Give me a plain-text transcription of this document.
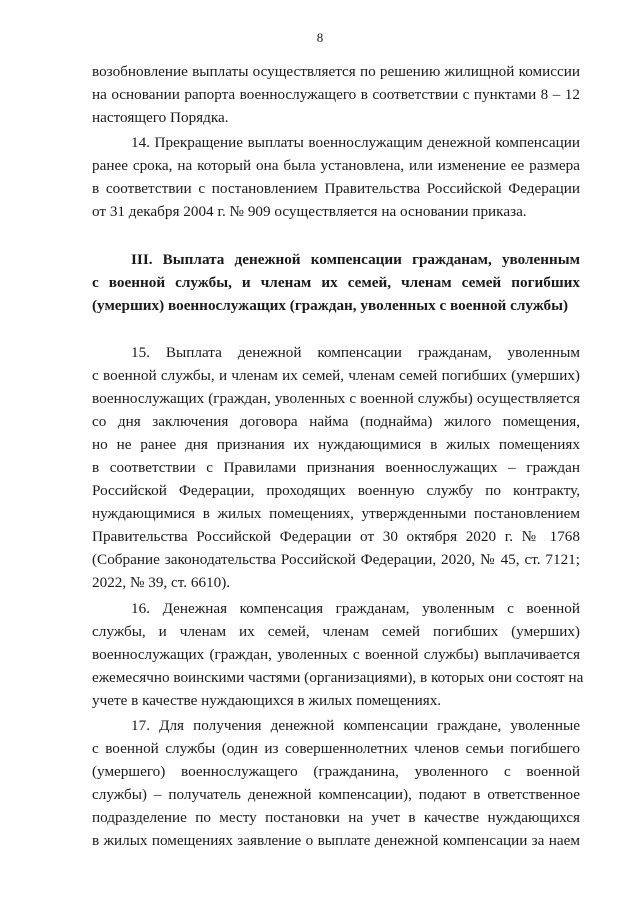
8
возобновление выплаты осуществляется по решению жилищной комиссии
на основании рапорта военнослужащего в соответствии с пунктами 8 – 12
настоящего Порядка.
14. Прекращение выплаты военнослужащим денежной компенсации
ранее срока, на который она была установлена, или изменение ее размера
в соответствии с постановлением Правительства Российской Федерации
от 31 декабря 2004 г. № 909 осуществляется на основании приказа.
III. Выплата денежной компенсации гражданам, уволенным
с военной службы, и членам их семей, членам семей погибших
(умерших) военнослужащих (граждан, уволенных с военной службы)
15. Выплата денежной компенсации гражданам, уволенным
с военной службы, и членам их семей, членам семей погибших (умерших)
военнослужащих (граждан, уволенных с военной службы) осуществляется
со дня заключения договора найма (поднайма) жилого помещения,
но не ранее дня признания их нуждающимися в жилых помещениях
в соответствии с Правилами признания военнослужащих – граждан
Российской Федерации, проходящих военную службу по контракту,
нуждающимися в жилых помещениях, утвержденными постановлением
Правительства Российской Федерации от 30 октября 2020 г. № 1768
(Собрание законодательства Российской Федерации, 2020, № 45, ст. 7121;
2022, № 39, ст. 6610).
16. Денежная компенсация гражданам, уволенным с военной
службы, и членам их семей, членам семей погибших (умерших)
военнослужащих (граждан, уволенных с военной службы) выплачивается
ежемесячно воинскими частями (организациями), в которых они состоят на
учете в качестве нуждающихся в жилых помещениях.
17. Для получения денежной компенсации граждане, уволенные
с военной службы (один из совершеннолетних членов семьи погибшего
(умершего) военнослужащего (гражданина, уволенного с военной
службы) – получатель денежной компенсации), подают в ответственное
подразделение по месту постановки на учет в качестве нуждающихся
в жилых помещениях заявление о выплате денежной компенсации за наем
